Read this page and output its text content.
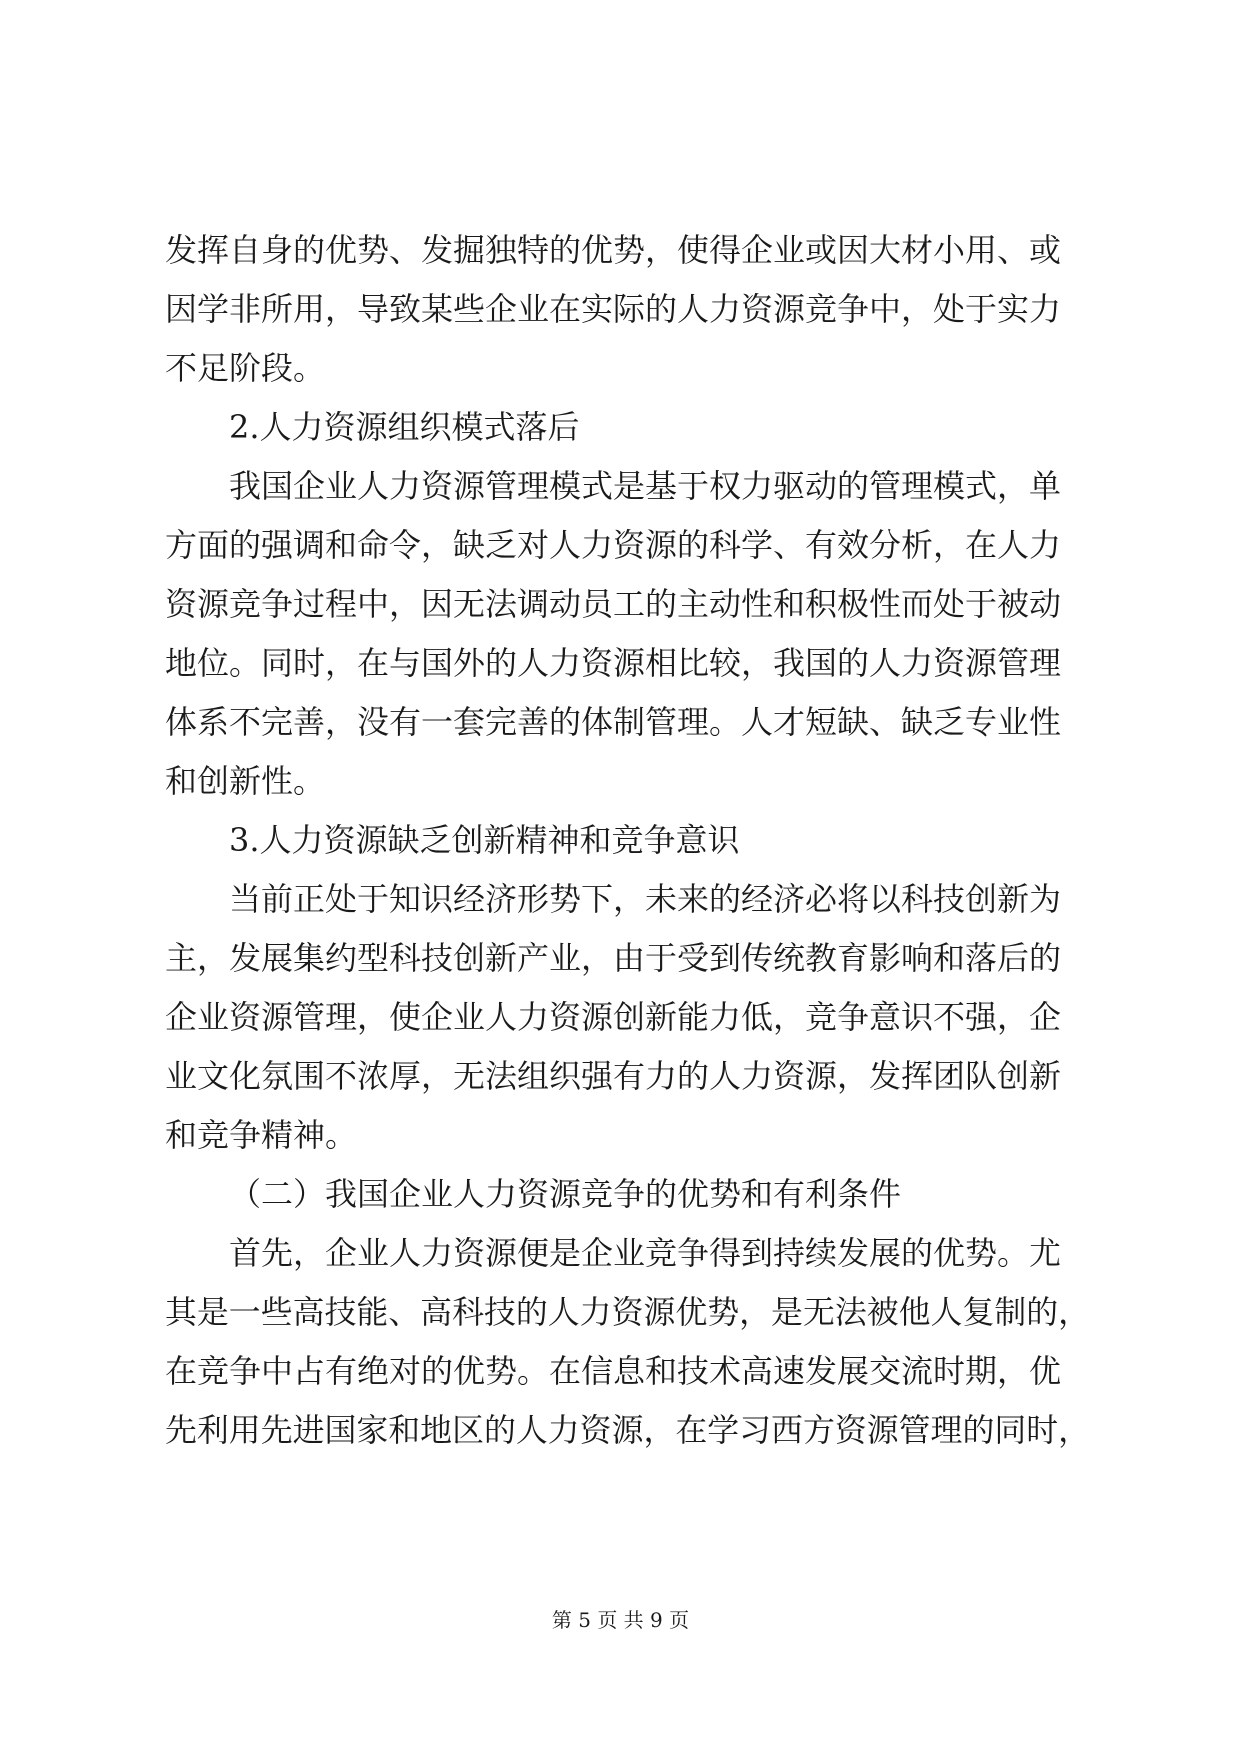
发挥自身的优势、发掘独特的优势，使得企业或因大材小用、或
因学非所用，导致某些企业在实际的人力资源竞争中，处于实力
不足阶段。
2.人力资源组织模式落后
我国企业人力资源管理模式是基于权力驱动的管理模式，单
方面的强调和命令，缺乏对人力资源的科学、有效分析，在人力
资源竞争过程中，因无法调动员工的主动性和积极性而处于被动
地位。同时，在与国外的人力资源相比较，我国的人力资源管理
体系不完善，没有一套完善的体制管理。人才短缺、缺乏专业性
和创新性。
3.人力资源缺乏创新精神和竞争意识
当前正处于知识经济形势下，未来的经济必将以科技创新为
主，发展集约型科技创新产业，由于受到传统教育影响和落后的
企业资源管理，使企业人力资源创新能力低，竞争意识不强，企
业文化氛围不浓厚，无法组织强有力的人力资源，发挥团队创新
和竞争精神。
（二）我国企业人力资源竞争的优势和有利条件
首先，企业人力资源便是企业竞争得到持续发展的优势。尤
其是一些高技能、高科技的人力资源优势，是无法被他人复制的，
在竞争中占有绝对的优势。在信息和技术高速发展交流时期，优
先利用先进国家和地区的人力资源，在学习西方资源管理的同时，
第 5 页 共 9 页
